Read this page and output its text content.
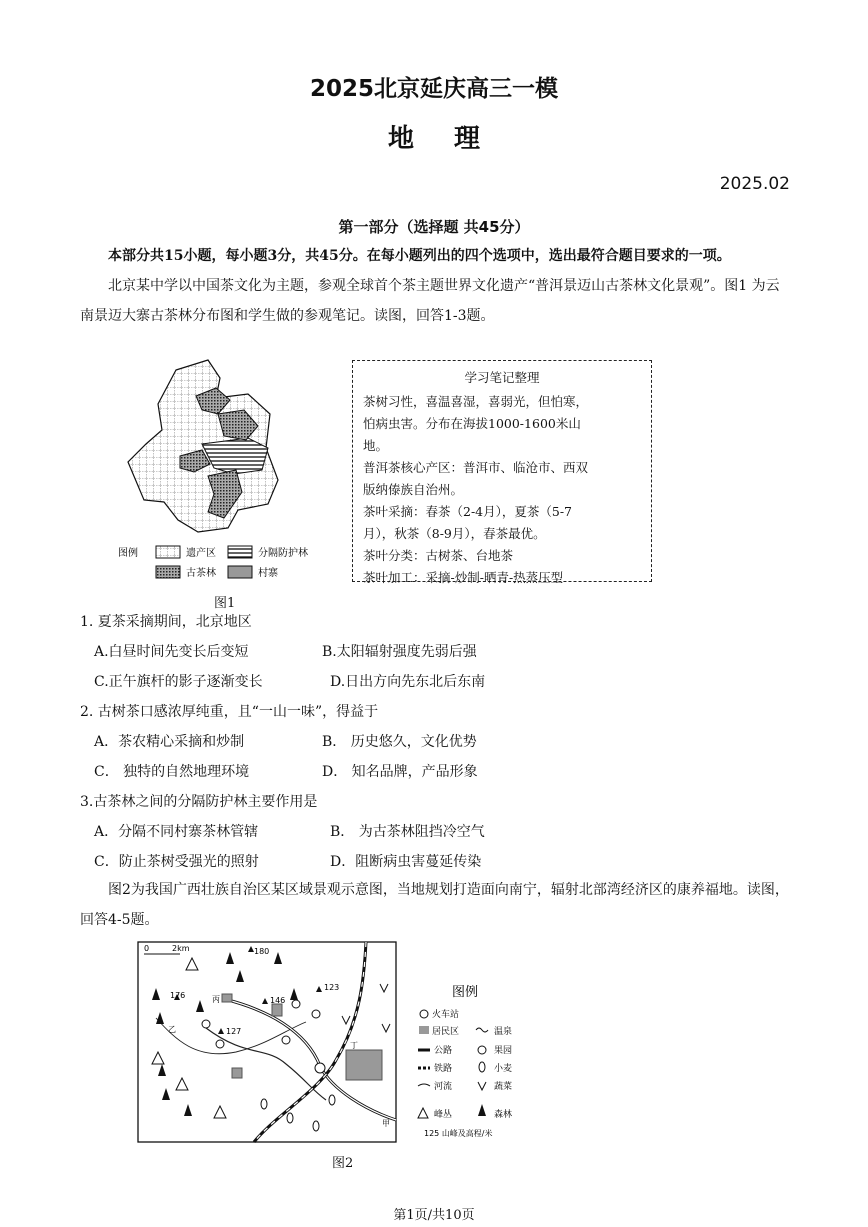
2025北京延庆高三一模
地理
2025.02
第一部分（选择题 共45分）
本部分共15小题，每小题3分，共45分。在每小题列出的四个选项中，选出最符合题目要求的一项。
北京某中学以中国茶文化为主题，参观全球首个茶主题世界文化遗产“普洱景迈山古茶林文化景观”。图1 为云南景迈大寨古茶林分布图和学生做的参观笔记。读图，回答1-3题。
图例	遗产区	分隔防护林
古茶林	村寨
图1
学习笔记整理
茶树习性，喜温喜湿，喜弱光，但怕寒，
怕病虫害。分布在海拔1000-1600米山
地。
普洱茶核心产区：普洱市、临沧市、西双
版纳傣族自治州。
茶叶采摘：春茶（2-4月），夏茶（5-7
月），秋茶（8-9月），春茶最优。
茶叶分类：古树茶、台地茶
茶叶加工：采摘-炒制-晒青-热蒸压型
1. 夏茶采摘期间，北京地区
A.白昼时间先变长后变短	B.太阳辐射强度先弱后强
C.正午旗杆的影子逐渐变长	D.日出方向先东北后东南
2. 古树茶口感浓厚纯重，且“一山一味”，得益于
A．茶农精心采摘和炒制	B． 历史悠久，文化优势
C． 独特的自然地理环境	D． 知名品牌，产品形象
3.古茶林之间的分隔防护林主要作用是
A．分隔不同村寨茶林管辖	B． 为古茶林阻挡冷空气
C．防止茶树受强光的照射	D．阻断病虫害蔓延传染
图2为我国广西壮族自治区某区域景观示意图，当地规划打造面向南宁，辐射北部湾经济区的康养福地。读图，回答4-5题。
0	2km	180
123
176
146
127
丙
乙
丁
甲
图例
火车站
居民区	温泉
公路	果园
铁路	小麦
河流	蔬菜
峰丛	森林
125 山峰及高程/米
图2
第1页/共10页
